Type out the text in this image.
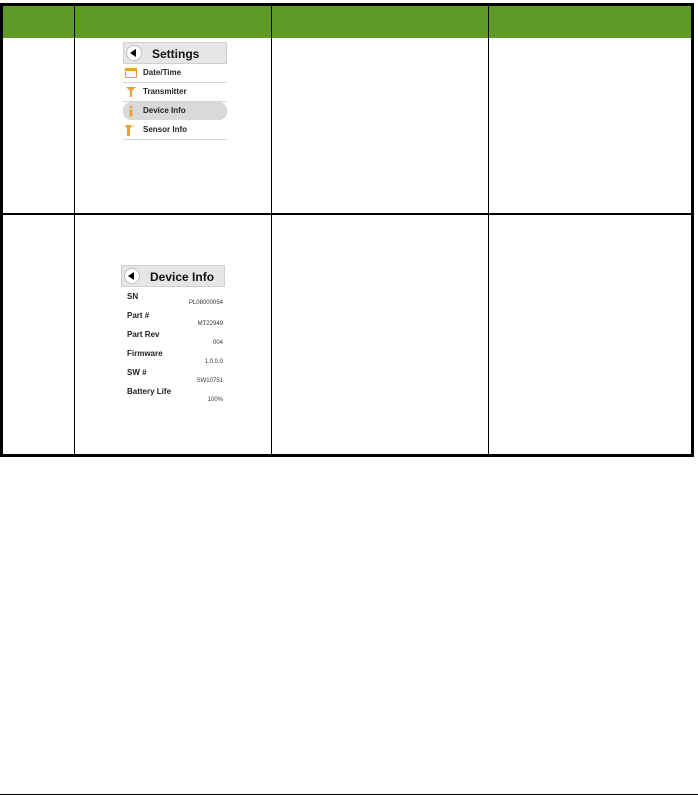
Settings
Date/Time
Transmitter
Device Info
¹ Sensor Info
Device Info
SN
PL08000054
Part #
MT22949
Part Rev
004
Firmware
1.0.0.0
SW #
SW10751
Battery Life
100%
